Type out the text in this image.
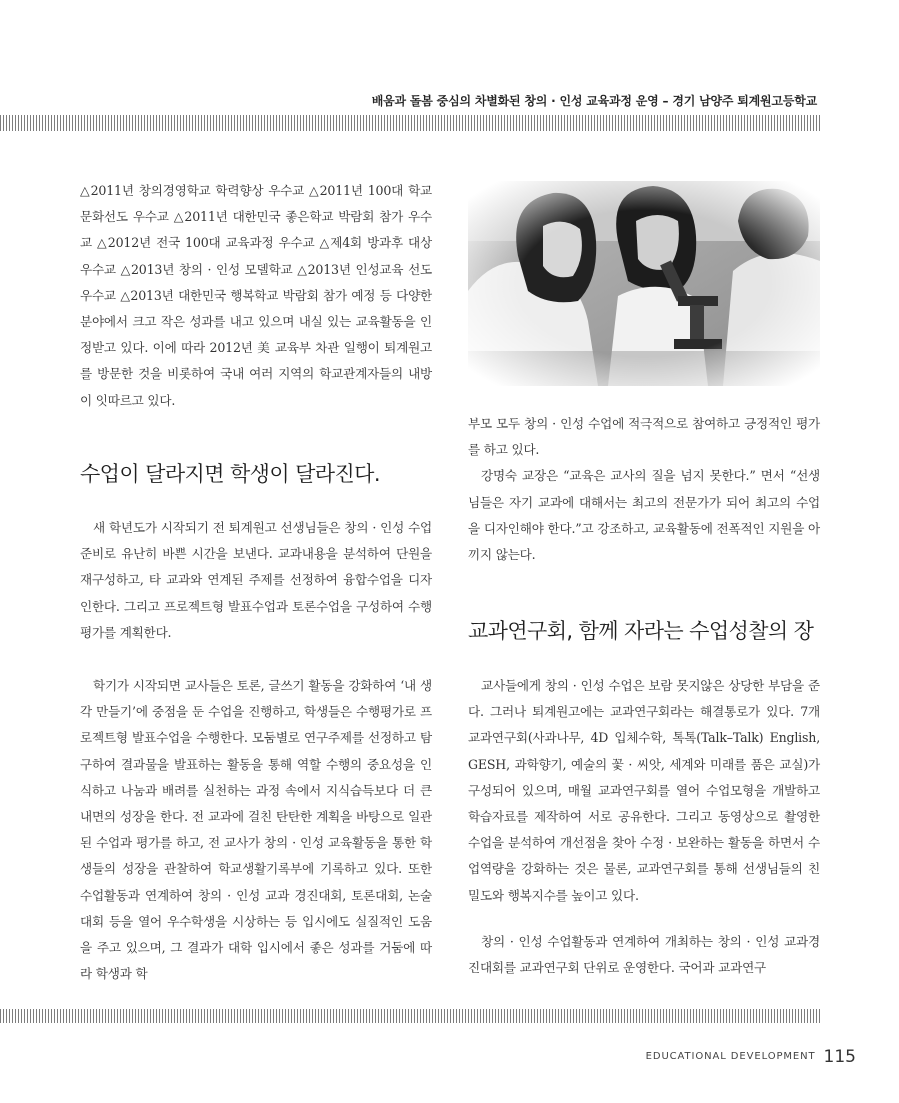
배움과 돌봄 중심의 차별화된 창의 · 인성 교육과정 운영 – 경기 남양주 퇴계원고등학교

△2011년 창의경영학교 학력향상 우수교 △2011년 100대 학교 문화선도 우수교 △2011년 대한민국 좋은학교 박람회 참가 우수교 △2012년 전국 100대 교육과정 우수교 △제4회 방과후 대상 우수교 △2013년 창의 · 인성 모델학교 △2013년 인성교육 선도 우수교 △2013년 대한민국 행복학교 박람회 참가 예정 등 다양한 분야에서 크고 작은 성과를 내고 있으며 내실 있는 교육활동을 인정받고 있다. 이에 따라 2012년 美 교육부 차관 일행이 퇴계원고를 방문한 것을 비롯하여 국내 여러 지역의 학교관계자들의 내방이 잇따르고 있다.

수업이 달라지면 학생이 달라진다.

새 학년도가 시작되기 전 퇴계원고 선생님들은 창의 · 인성 수업준비로 유난히 바쁜 시간을 보낸다. 교과내용을 분석하여 단원을 재구성하고, 타 교과와 연계된 주제를 선정하여 융합수업을 디자인한다. 그리고 프로젝트형 발표수업과 토론수업을 구성하여 수행평가를 계획한다.

학기가 시작되면 교사들은 토론, 글쓰기 활동을 강화하여 ‘내 생각 만들기’에 중점을 둔 수업을 진행하고, 학생들은 수행평가로 프로젝트형 발표수업을 수행한다. 모둠별로 연구주제를 선정하고 탐구하여 결과물을 발표하는 활동을 통해 역할 수행의 중요성을 인식하고 나눔과 배려를 실천하는 과정 속에서 지식습득보다 더 큰 내면의 성장을 한다. 전 교과에 걸친 탄탄한 계획을 바탕으로 일관된 수업과 평가를 하고, 전 교사가 창의 · 인성 교육활동을 통한 학생들의 성장을 관찰하여 학교생활기록부에 기록하고 있다. 또한 수업활동과 연계하여 창의 · 인성 교과 경진대회, 토론대회, 논술대회 등을 열어 우수학생을 시상하는 등 입시에도 실질적인 도움을 주고 있으며, 그 결과가 대학 입시에서 좋은 성과를 거둠에 따라 학생과 학

부모 모두 창의 · 인성 수업에 적극적으로 참여하고 긍정적인 평가를 하고 있다.

강명숙 교장은 “교육은 교사의 질을 넘지 못한다.” 면서 “선생님들은 자기 교과에 대해서는 최고의 전문가가 되어 최고의 수업을 디자인해야 한다.”고 강조하고, 교육활동에 전폭적인 지원을 아끼지 않는다.

교과연구회, 함께 자라는 수업성찰의 장

교사들에게 창의 · 인성 수업은 보람 못지않은 상당한 부담을 준다. 그러나 퇴계원고에는 교과연구회라는 해결통로가 있다. 7개 교과연구회(사과나무, 4D 입체수학, 톡톡(Talk–Talk) English, GESH, 과학향기, 예술의 꽃 · 씨앗, 세계와 미래를 품은 교실)가 구성되어 있으며, 매월 교과연구회를 열어 수업모형을 개발하고 학습자료를 제작하여 서로 공유한다. 그리고 동영상으로 촬영한 수업을 분석하여 개선점을 찾아 수정 · 보완하는 활동을 하면서 수업역량을 강화하는 것은 물론, 교과연구회를 통해 선생님들의 친밀도와 행복지수를 높이고 있다.

창의 · 인성 수업활동과 연계하여 개최하는 창의 · 인성 교과경진대회를 교과연구회 단위로 운영한다. 국어과 교과연구

EDUCATIONAL DEVELOPMENT 115
